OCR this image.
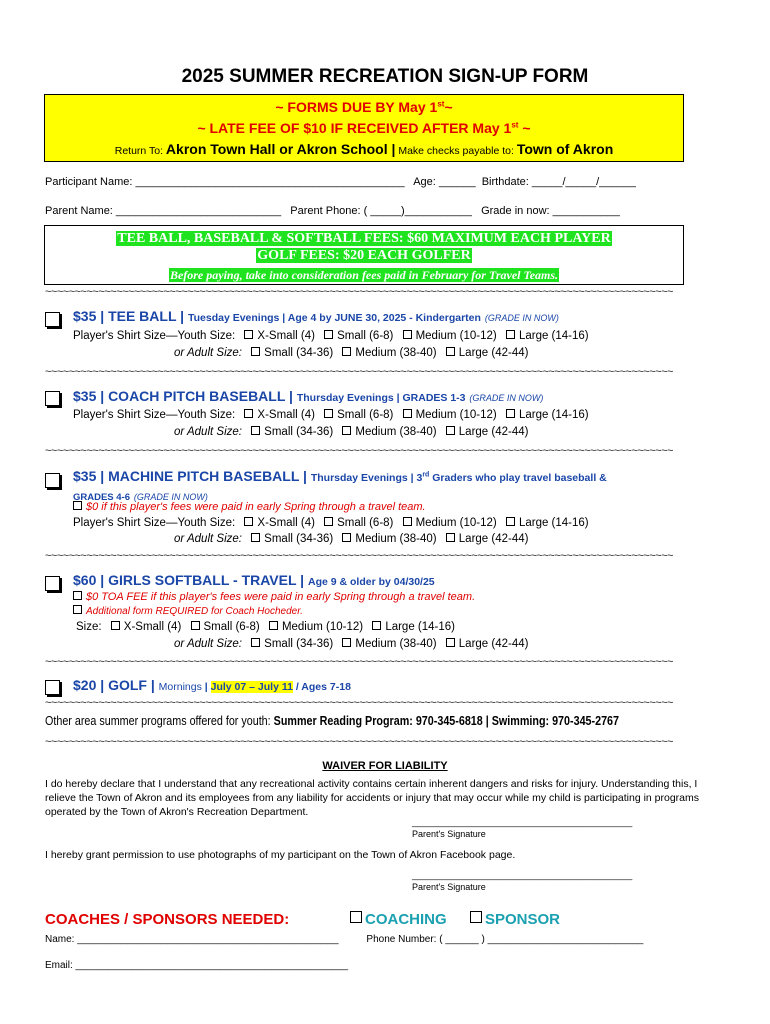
2025 SUMMER RECREATION SIGN-UP FORM
~ FORMS DUE BY May 1st~
~ LATE FEE OF $10 IF RECEIVED AFTER May 1st ~
Return To: Akron Town Hall or Akron School | Make checks payable to: Town of Akron
Participant Name: ____________________________________________   Age: ______  Birthdate: _____/_____/______
Parent Name: ___________________________   Parent Phone: ( _____)___________   Grade in now: ___________
TEE BALL, BASEBALL & SOFTBALL FEES: $60 MAXIMUM EACH PLAYER
GOLF FEES: $20 EACH GOLFER
Before paying, take into consideration fees paid in February for Travel Teams.
~~~~~~~~~~~~~~~~~~~~~~~~~~~~~~~~~~~~~~~~~~~~~~~~~~~~~~~~~~~~~~~~~~~~~~~~~~~~~~~~~~~~~~~~~~~~~~~~~~~~~~~~~~
~~~~~~~~~~~~~~~~~~~~~~~~~~~~~~~~~~~~~~~~~~~~~~~~~~~~~~~~~~~~~~~~~~~~~~~~~~~~~~~~~~~~~~~~~~~~~~~~~~~~~~~~~~
~~~~~~~~~~~~~~~~~~~~~~~~~~~~~~~~~~~~~~~~~~~~~~~~~~~~~~~~~~~~~~~~~~~~~~~~~~~~~~~~~~~~~~~~~~~~~~~~~~~~~~~~~~
~~~~~~~~~~~~~~~~~~~~~~~~~~~~~~~~~~~~~~~~~~~~~~~~~~~~~~~~~~~~~~~~~~~~~~~~~~~~~~~~~~~~~~~~~~~~~~~~~~~~~~~~~~
~~~~~~~~~~~~~~~~~~~~~~~~~~~~~~~~~~~~~~~~~~~~~~~~~~~~~~~~~~~~~~~~~~~~~~~~~~~~~~~~~~~~~~~~~~~~~~~~~~~~~~~~~~
~~~~~~~~~~~~~~~~~~~~~~~~~~~~~~~~~~~~~~~~~~~~~~~~~~~~~~~~~~~~~~~~~~~~~~~~~~~~~~~~~~~~~~~~~~~~~~~~~~~~~~~~~~
~~~~~~~~~~~~~~~~~~~~~~~~~~~~~~~~~~~~~~~~~~~~~~~~~~~~~~~~~~~~~~~~~~~~~~~~~~~~~~~~~~~~~~~~~~~~~~~~~~~~~~~~~~
$35 | TEE BALL | Tuesday Evenings | Age 4 by JUNE 30, 2025 - Kindergarten (GRADE IN NOW)
Player's Shirt Size—Youth Size: X-Small (4) Small (6-8) Medium (10-12) Large (14-16)
or Adult Size: Small (34-36) Medium (38-40) Large (42-44)
$35 | COACH PITCH BASEBALL | Thursday Evenings | GRADES 1-3 (GRADE IN NOW)
Player's Shirt Size—Youth Size: X-Small (4) Small (6-8) Medium (10-12) Large (14-16)
or Adult Size: Small (34-36) Medium (38-40) Large (42-44)
$35 | MACHINE PITCH BASEBALL | Thursday Evenings | 3rd Graders who play travel baseball &
GRADES 4-6 (GRADE IN NOW)
$0 if this player's fees were paid in early Spring through a travel team.
Player's Shirt Size—Youth Size: X-Small (4) Small (6-8) Medium (10-12) Large (14-16)
or Adult Size: Small (34-36) Medium (38-40) Large (42-44)
$60 | GIRLS SOFTBALL - TRAVEL | Age 9 & older by 04/30/25
$0 TOA FEE if this player's fees were paid in early Spring through a travel team.
Additional form REQUIRED for Coach Hocheder.
Size: X-Small (4) Small (6-8) Medium (10-12) Large (14-16)
or Adult Size: Small (34-36) Medium (38-40) Large (42-44)
$20 | GOLF | Mornings | July 07 – July 11 / Ages 7-18
Other area summer programs offered for youth: Summer Reading Program: 970-345-6818 | Swimming: 970-345-2767
WAIVER FOR LIABILITY
I do hereby declare that I understand that any recreational activity contains certain inherent dangers and risks for injury. Understanding this, I relieve the Town of Akron and its employees from any liability for accidents or injury that may occur while my child is participating in programs operated by the Town of Akron's Recreation Department.
____________________________________________
Parent's Signature
I hereby grant permission to use photographs of my participant on the Town of Akron Facebook page.
____________________________________________
Parent's Signature
COACHES / SPONSORS NEEDED:	COACHING	SPONSOR
Name: _______________________________________________          Phone Number: ( ______ ) ____________________________
Email: _________________________________________________
